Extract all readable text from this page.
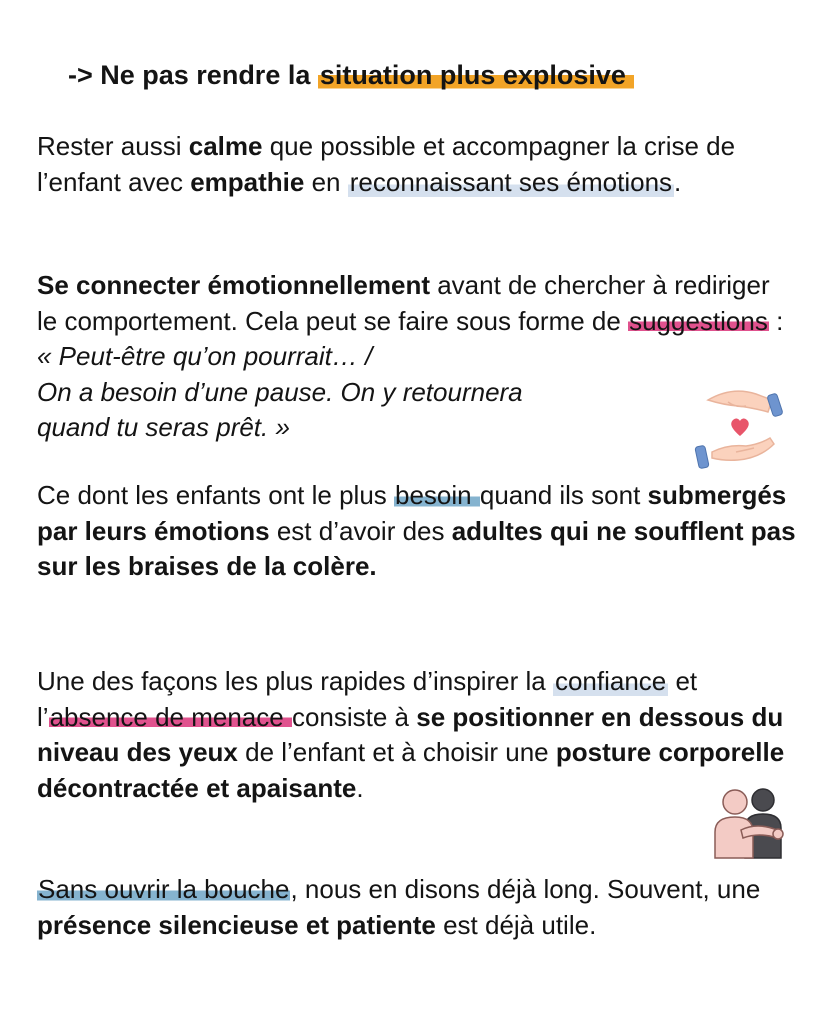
-> Ne pas rendre la situation plus explosive

Rester aussi calme que possible et accompagner la crise de l’enfant avec empathie en reconnaissant ses émotions.

Se connecter émotionnellement avant de chercher à rediriger le comportement. Cela peut se faire sous forme de suggestions : « Peut-être qu’on pourrait… /
On a besoin d’une pause. On y retournera
quand tu seras prêt. »

Ce dont les enfants ont le plus besoin quand ils sont submergés par leurs émotions est d’avoir des adultes qui ne soufflent pas sur les braises de la colère.

Une des façons les plus rapides d’inspirer la confiance et l’absence de menace consiste à se positionner en dessous du niveau des yeux de l’enfant et à choisir une posture corporelle décontractée et apaisante.

Sans ouvrir la bouche, nous en disons déjà long. Souvent, une présence silencieuse et patiente est déjà utile.
